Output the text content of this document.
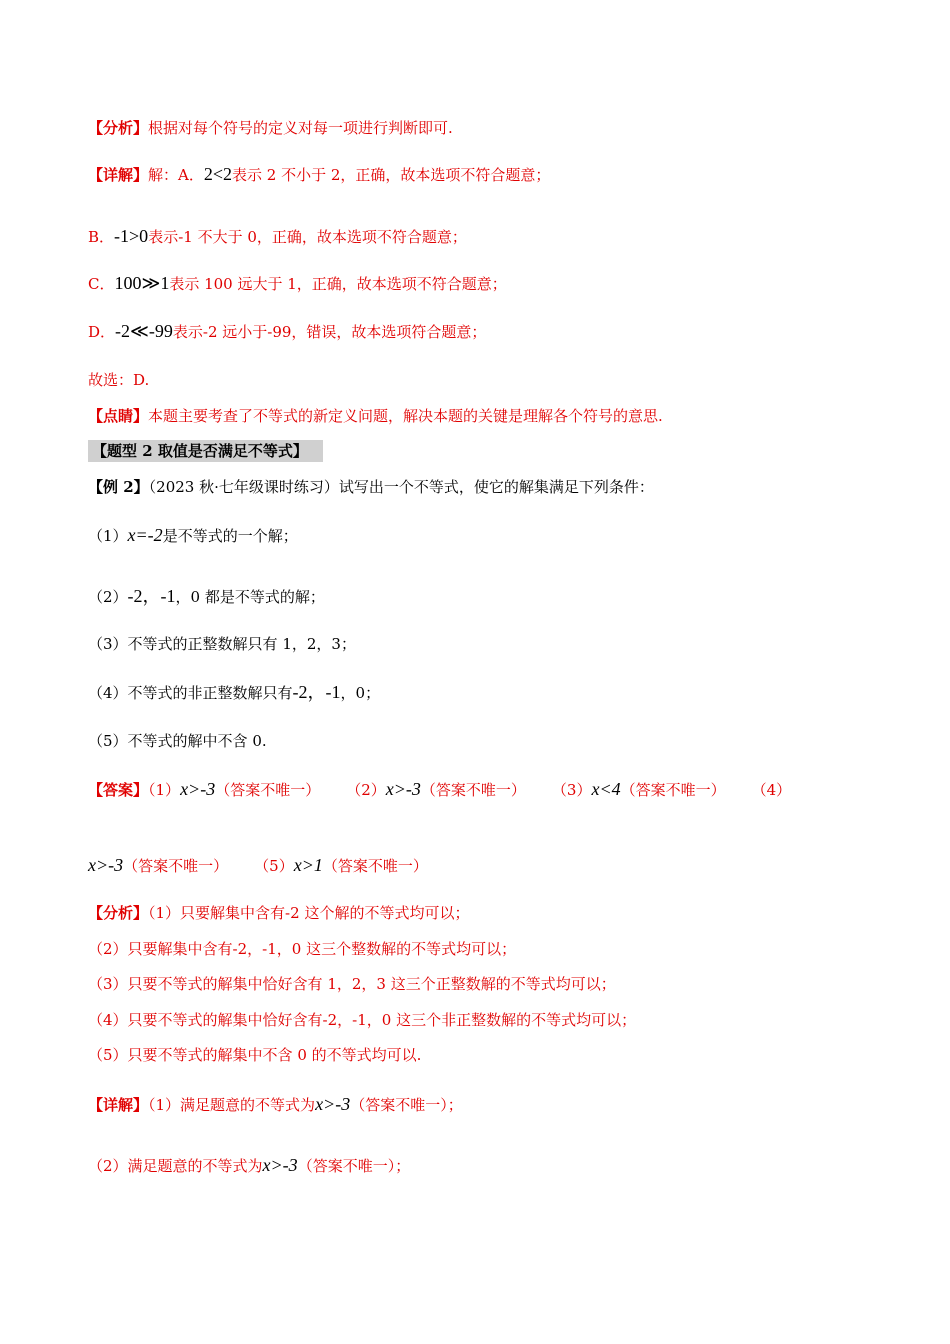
【分析】根据对每个符号的定义对每一项进行判断即可.
【详解】解：A．2<2表示 2 不小于 2，正确，故本选项不符合题意；
B．-1>0表示-1 不大于 0，正确，故本选项不符合题意；
C．100≫1表示 100 远大于 1，正确，故本选项不符合题意；
D．-2≪-99表示-2 远小于-99，错误，故本选项符合题意；
故选：D.
【点睛】本题主要考查了不等式的新定义问题，解决本题的关键是理解各个符号的意思.
【题型 2 取值是否满足不等式】
【例 2】（2023 秋·七年级课时练习）试写出一个不等式，使它的解集满足下列条件：
（1）x=-2是不等式的一个解；
（2）-2，-1，0 都是不等式的解；
（3）不等式的正整数解只有 1，2，3；
（4）不等式的非正整数解只有-2，-1，0；
（5）不等式的解中不含 0.
【答案】（1）x>-3（答案不唯一） （2）x>-3（答案不唯一） （3）x<4（答案不唯一） （4）
x>-3（答案不唯一） （5）x>1（答案不唯一）
【分析】（1）只要解集中含有-2 这个解的不等式均可以；
（2）只要解集中含有-2，-1，0 这三个整数解的不等式均可以；
（3）只要不等式的解集中恰好含有 1，2，3 这三个正整数解的不等式均可以；
（4）只要不等式的解集中恰好含有-2，-1，0 这三个非正整数解的不等式均可以；
（5）只要不等式的解集中不含 0 的不等式均可以.
【详解】（1）满足题意的不等式为x>-3（答案不唯一）；
（2）满足题意的不等式为x>-3（答案不唯一）；
